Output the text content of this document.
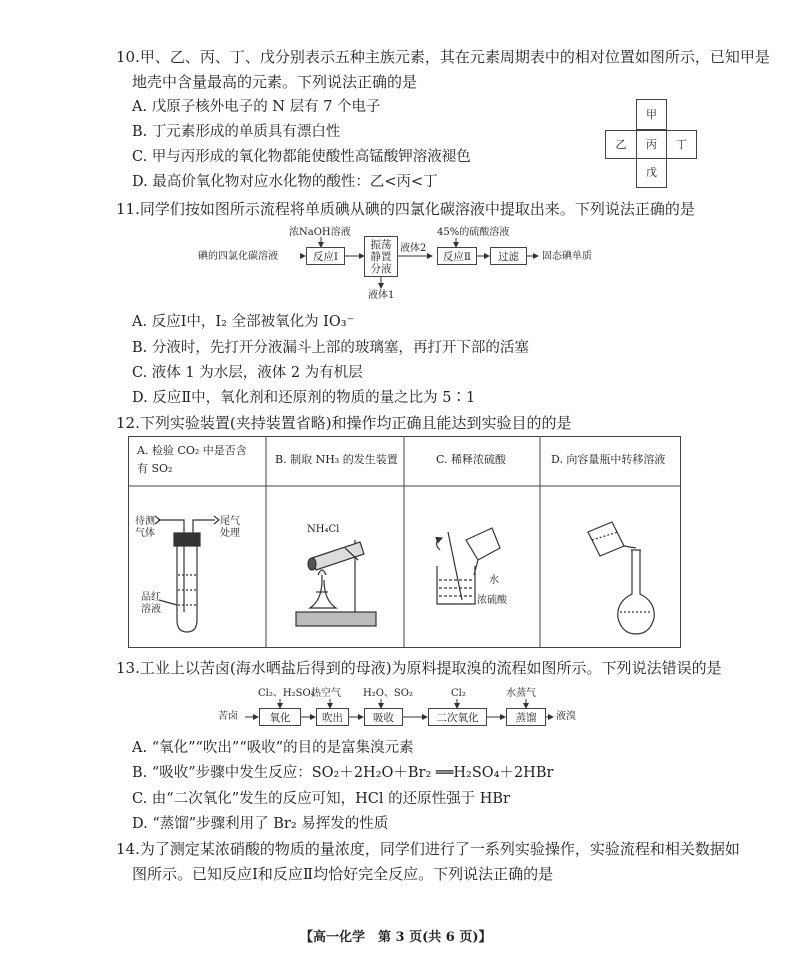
10.甲、乙、丙、丁、戊分别表示五种主族元素，其在元素周期表中的相对位置如图所示，已知甲是
地壳中含量最高的元素。下列说法正确的是
A. 戊原子核外电子的 N 层有 7 个电子
B. 丁元素形成的单质具有漂白性
C. 甲与丙形成的氧化物都能使酸性高锰酸钾溶液褪色
D. 最高价氧化物对应水化物的酸性：乙<丙<丁
甲
乙	丙	丁
戊
11.同学们按如图所示流程将单质碘从碘的四氯化碳溶液中提取出来。下列说法正确的是
碘的四氯化碳溶液
浓NaOH溶液
反应Ⅰ
振荡
静置
分液
液体1
液体2
45%的硫酸溶液
反应Ⅱ	过滤	固态碘单质
A. 反应Ⅰ中，I₂ 全部被氧化为 IO₃⁻
B. 分液时，先打开分液漏斗上部的玻璃塞，再打开下部的活塞
C. 液体 1 为水层，液体 2 为有机层
D. 反应Ⅱ中，氧化剂和还原剂的物质的量之比为 5∶1
12.下列实验装置(夹持装置省略)和操作均正确且能达到实验目的的是
A. 检验 CO₂ 中是否含
有 SO₂
B. 制取 NH₃ 的发生装置	C. 稀释浓硫酸	D. 向容量瓶中转移溶液
待测
气体
尾气
处理
品红
溶液
NH₄Cl
水
浓硫酸
13.工业上以苦卤(海水晒盐后得到的母液)为原料提取溴的流程如图所示。下列说法错误的是
苦卤
Cl₂、H₂SO₄
氧化
热空气
吹出
H₂O、SO₂
吸收
Cl₂
二次氧化
水蒸气
蒸馏	液溴
A. “氧化”“吹出”“吸收”的目的是富集溴元素
B. “吸收”步骤中发生反应：SO₂＋2H₂O＋Br₂ ══H₂SO₄＋2HBr
C. 由“二次氧化”发生的反应可知，HCl 的还原性强于 HBr
D. “蒸馏”步骤利用了 Br₂ 易挥发的性质
14.为了测定某浓硝酸的物质的量浓度，同学们进行了一系列实验操作，实验流程和相关数据如
图所示。已知反应Ⅰ和反应Ⅱ均恰好完全反应。下列说法正确的是
【高一化学　第 3 页(共 6 页)】
